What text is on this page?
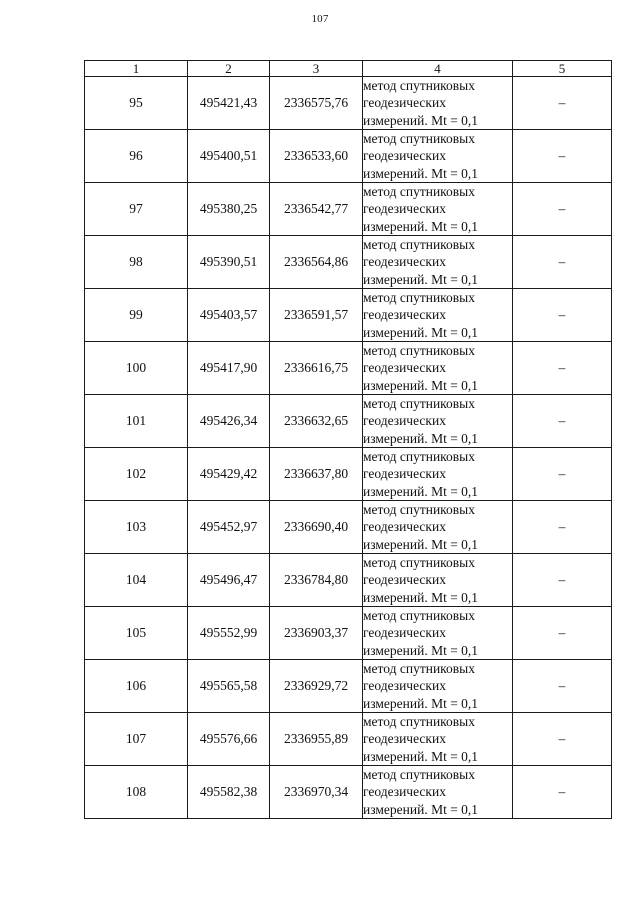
107
1	2	3	4	5
95	495421,43	2336575,76	метод спутниковых
геодезических
измерений. Mt = 0,1	–
96	495400,51	2336533,60	метод спутниковых
геодезических
измерений. Mt = 0,1	–
97	495380,25	2336542,77	метод спутниковых
геодезических
измерений. Mt = 0,1	–
98	495390,51	2336564,86	метод спутниковых
геодезических
измерений. Mt = 0,1	–
99	495403,57	2336591,57	метод спутниковых
геодезических
измерений. Mt = 0,1	–
100	495417,90	2336616,75	метод спутниковых
геодезических
измерений. Mt = 0,1	–
101	495426,34	2336632,65	метод спутниковых
геодезических
измерений. Mt = 0,1	–
102	495429,42	2336637,80	метод спутниковых
геодезических
измерений. Mt = 0,1	–
103	495452,97	2336690,40	метод спутниковых
геодезических
измерений. Mt = 0,1	–
104	495496,47	2336784,80	метод спутниковых
геодезических
измерений. Mt = 0,1	–
105	495552,99	2336903,37	метод спутниковых
геодезических
измерений. Mt = 0,1	–
106	495565,58	2336929,72	метод спутниковых
геодезических
измерений. Mt = 0,1	–
107	495576,66	2336955,89	метод спутниковых
геодезических
измерений. Mt = 0,1	–
108	495582,38	2336970,34	метод спутниковых
геодезических
измерений. Mt = 0,1	–
